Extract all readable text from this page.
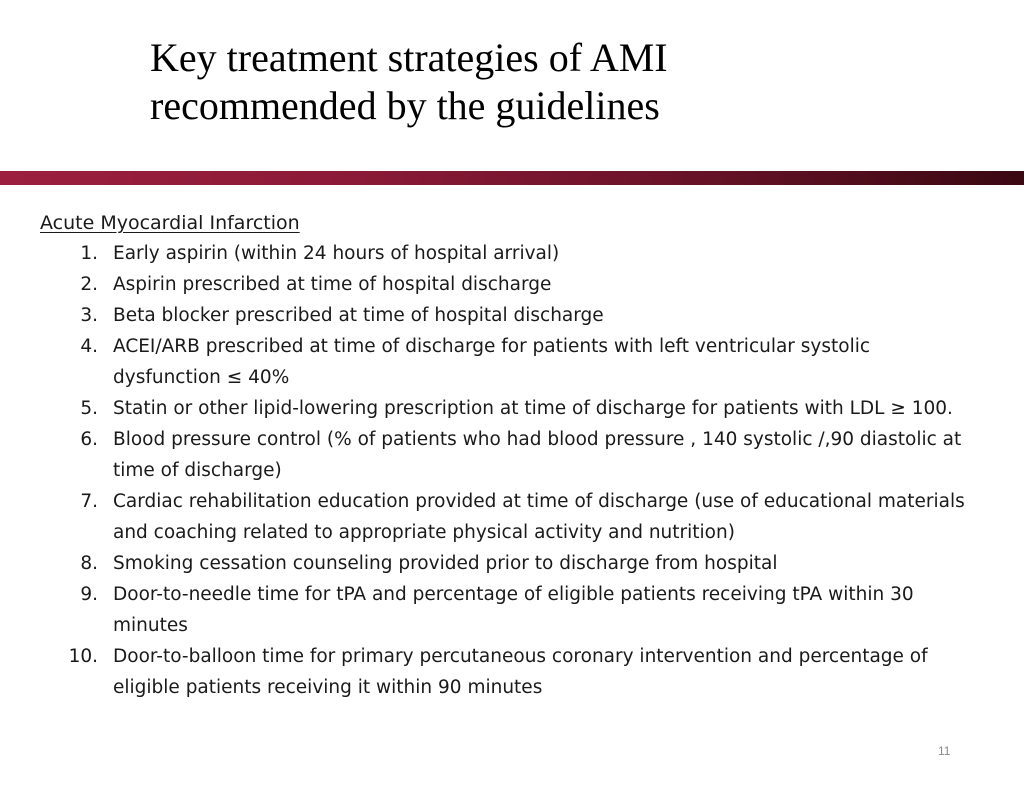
Key treatment strategies of AMI
recommended by the guidelines
Acute Myocardial Infarction
1. Early aspirin (within 24 hours of hospital arrival)
2. Aspirin prescribed at time of hospital discharge
3. Beta blocker prescribed at time of hospital discharge
4. ACEI/ARB prescribed at time of discharge for patients with left ventricular systolic dysfunction ≤ 40%
5. Statin or other lipid-lowering prescription at time of discharge for patients with LDL ≥ 100.
6. Blood pressure control (% of patients who had blood pressure , 140 systolic /,90 diastolic at time of discharge)
7. Cardiac rehabilitation education provided at time of discharge (use of educational materials and coaching related to appropriate physical activity and nutrition)
8. Smoking cessation counseling provided prior to discharge from hospital
9. Door-to-needle time for tPA and percentage of eligible patients receiving tPA within 30 minutes
10. Door-to-balloon time for primary percutaneous coronary intervention and percentage of eligible patients receiving it within 90 minutes
11
